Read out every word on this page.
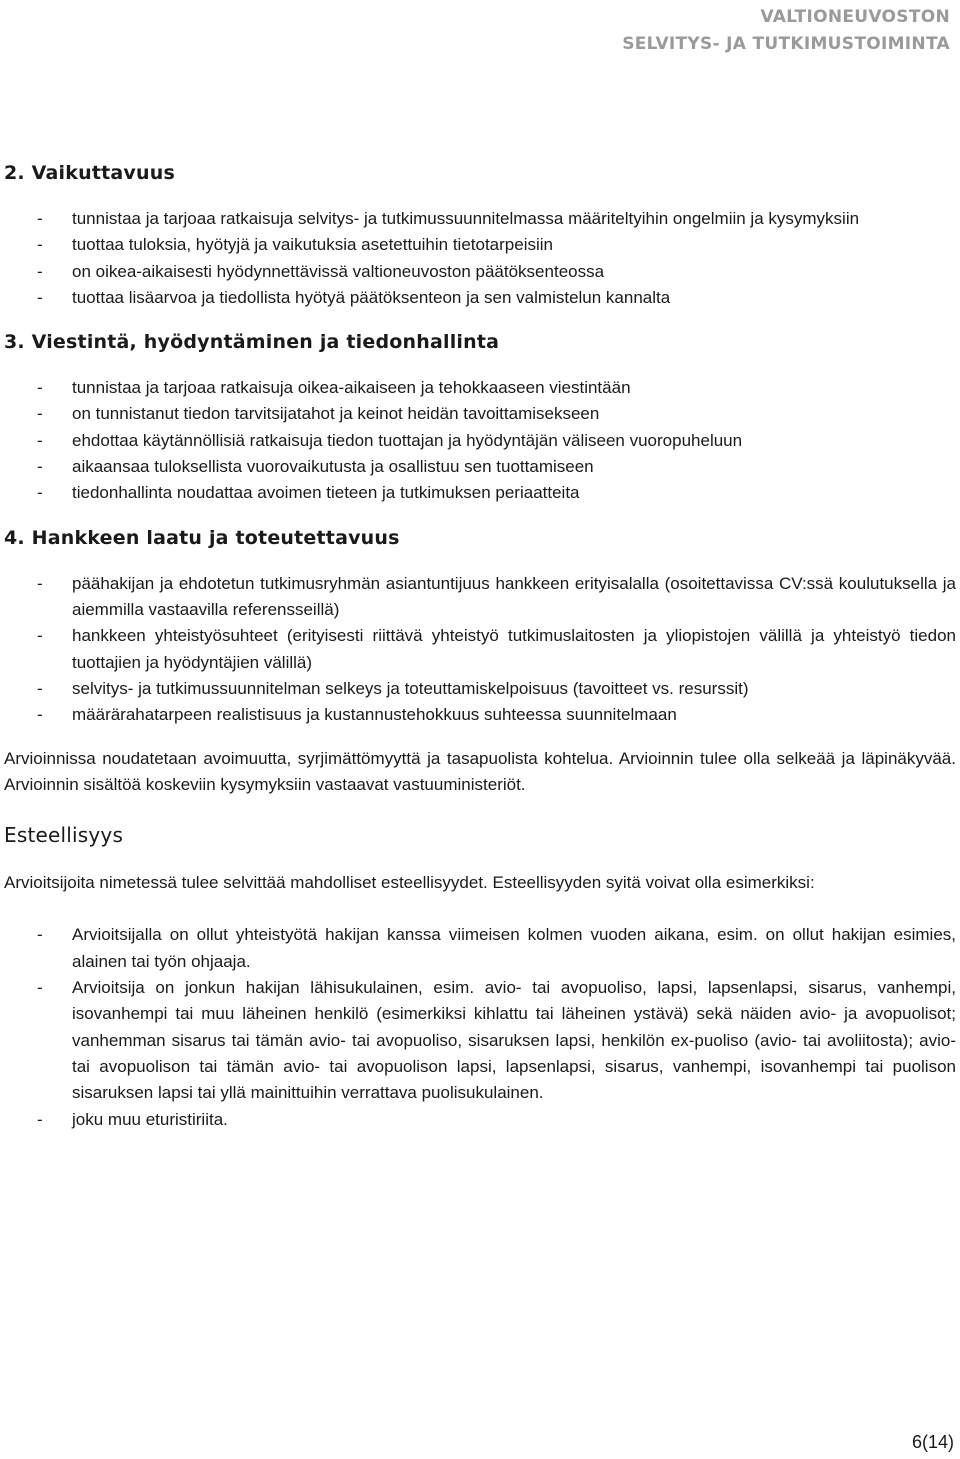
VALTIONEUVOSTON
SELVITYS- JA TUTKIMUSTOIMINTA
2. Vaikuttavuus
- tunnistaa ja tarjoaa ratkaisuja selvitys- ja tutkimussuunnitelmassa määriteltyihin ongelmiin ja kysymyksiin
- tuottaa tuloksia, hyötyjä ja vaikutuksia asetettuihin tietotarpeisiin
- on oikea-aikaisesti hyödynnettävissä valtioneuvoston päätöksenteossa
- tuottaa lisäarvoa ja tiedollista hyötyä päätöksenteon ja sen valmistelun kannalta
3. Viestintä, hyödyntäminen ja tiedonhallinta
- tunnistaa ja tarjoaa ratkaisuja oikea-aikaiseen ja tehokkaaseen viestintään
- on tunnistanut tiedon tarvitsijatahot ja keinot heidän tavoittamisekseen
- ehdottaa käytännöllisiä ratkaisuja tiedon tuottajan ja hyödyntäjän väliseen vuoropuheluun
- aikaansaa tuloksellista vuorovaikutusta ja osallistuu sen tuottamiseen
- tiedonhallinta noudattaa avoimen tieteen ja tutkimuksen periaatteita
4. Hankkeen laatu ja toteutettavuus
- päähakijan ja ehdotetun tutkimusryhmän asiantuntijuus hankkeen erityisalalla (osoitettavissa CV:ssä koulutuksella ja aiemmilla vastaavilla referensseillä)
- hankkeen yhteistyösuhteet (erityisesti riittävä yhteistyö tutkimuslaitosten ja yliopistojen välillä ja yhteistyö tiedon tuottajien ja hyödyntäjien välillä)
- selvitys- ja tutkimussuunnitelman selkeys ja toteuttamiskelpoisuus (tavoitteet vs. resurssit)
- määrärahatarpeen realistisuus ja kustannustehokkuus suhteessa suunnitelmaan

Arvioinnissa noudatetaan avoimuutta, syrjimättömyyttä ja tasapuolista kohtelua. Arvioinnin tulee olla selkeää ja läpinäkyvää. Arvioinnin sisältöä koskeviin kysymyksiin vastaavat vastuuministeriöt.

Esteellisyys

Arvioitsijoita nimetessä tulee selvittää mahdolliset esteellisyydet. Esteellisyyden syitä voivat olla esimerkiksi:

- Arvioitsijalla on ollut yhteistyötä hakijan kanssa viimeisen kolmen vuoden aikana, esim. on ollut hakijan esimies, alainen tai työn ohjaaja.
- Arvioitsija on jonkun hakijan lähisukulainen, esim. avio- tai avopuoliso, lapsi, lapsenlapsi, sisarus, vanhempi, isovanhempi tai muu läheinen henkilö (esimerkiksi kihlattu tai läheinen ystävä) sekä näiden avio- ja avopuolisot; vanhemman sisarus tai tämän avio- tai avopuoliso, sisaruksen lapsi, henkilön ex-puoliso (avio- tai avoliitosta); avio- tai avopuolison tai tämän avio- tai avopuolison lapsi, lapsenlapsi, sisarus, vanhempi, isovanhempi tai puolison sisaruksen lapsi tai yllä mainittuihin verrattava puolisukulainen.
- joku muu eturistiriita.
6(14)
